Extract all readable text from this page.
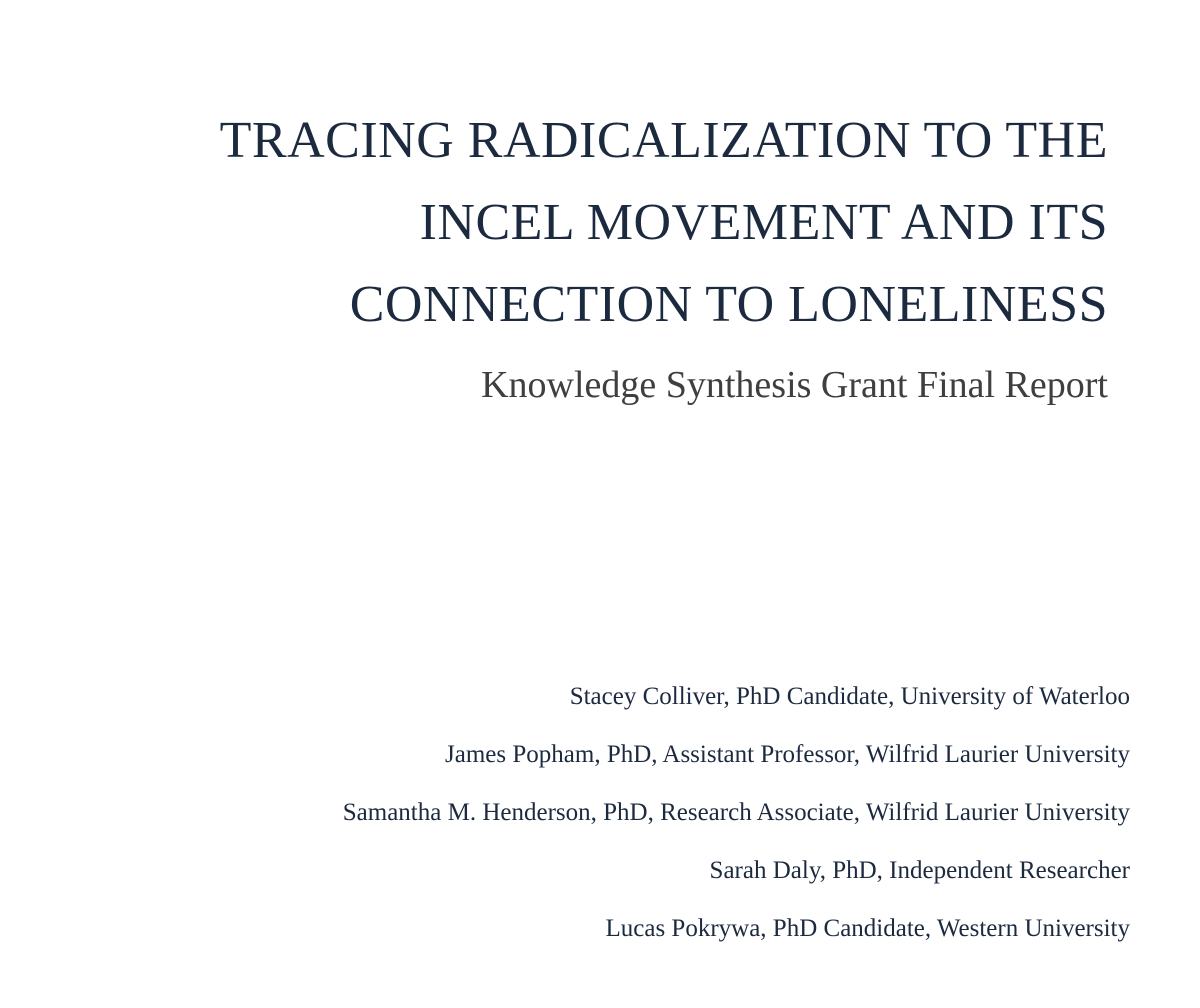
TRACING RADICALIZATION TO THE
INCEL MOVEMENT AND ITS
CONNECTION TO LONELINESS
Knowledge Synthesis Grant Final Report
Stacey Colliver, PhD Candidate, University of Waterloo
James Popham, PhD, Assistant Professor, Wilfrid Laurier University
Samantha M. Henderson, PhD, Research Associate, Wilfrid Laurier University
Sarah Daly, PhD, Independent Researcher
Lucas Pokrywa, PhD Candidate, Western University
